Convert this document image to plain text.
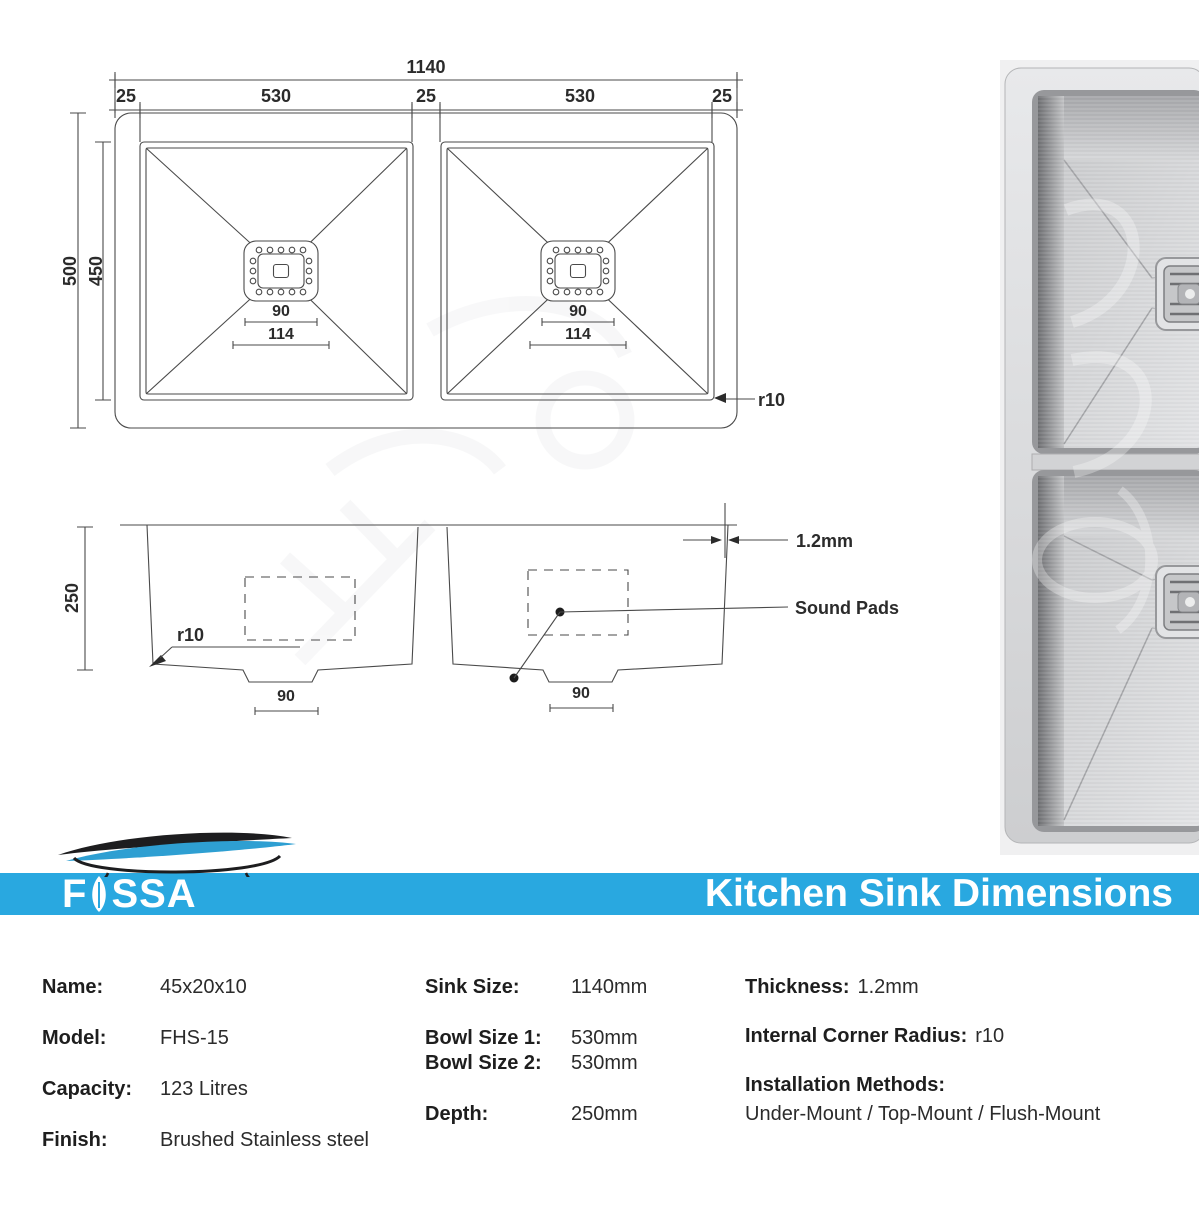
1140
25	530	25	530	25
500 450
90
114
90
114
r10
250
r10
1.2mm
Sound Pads
90	90
F SSA	Kitchen Sink Dimensions
Name:	45x20x10
Model:	FHS-15
Capacity:	123 Litres
Finish:	Brushed Stainless steel
Sink Size:	1140mm
Bowl Size 1:	530mm
Bowl Size 2:	530mm
Depth:	250mm
Thickness: 1.2mm
Internal Corner Radius: r10
Installation Methods:
Under-Mount / Top-Mount / Flush-Mount
